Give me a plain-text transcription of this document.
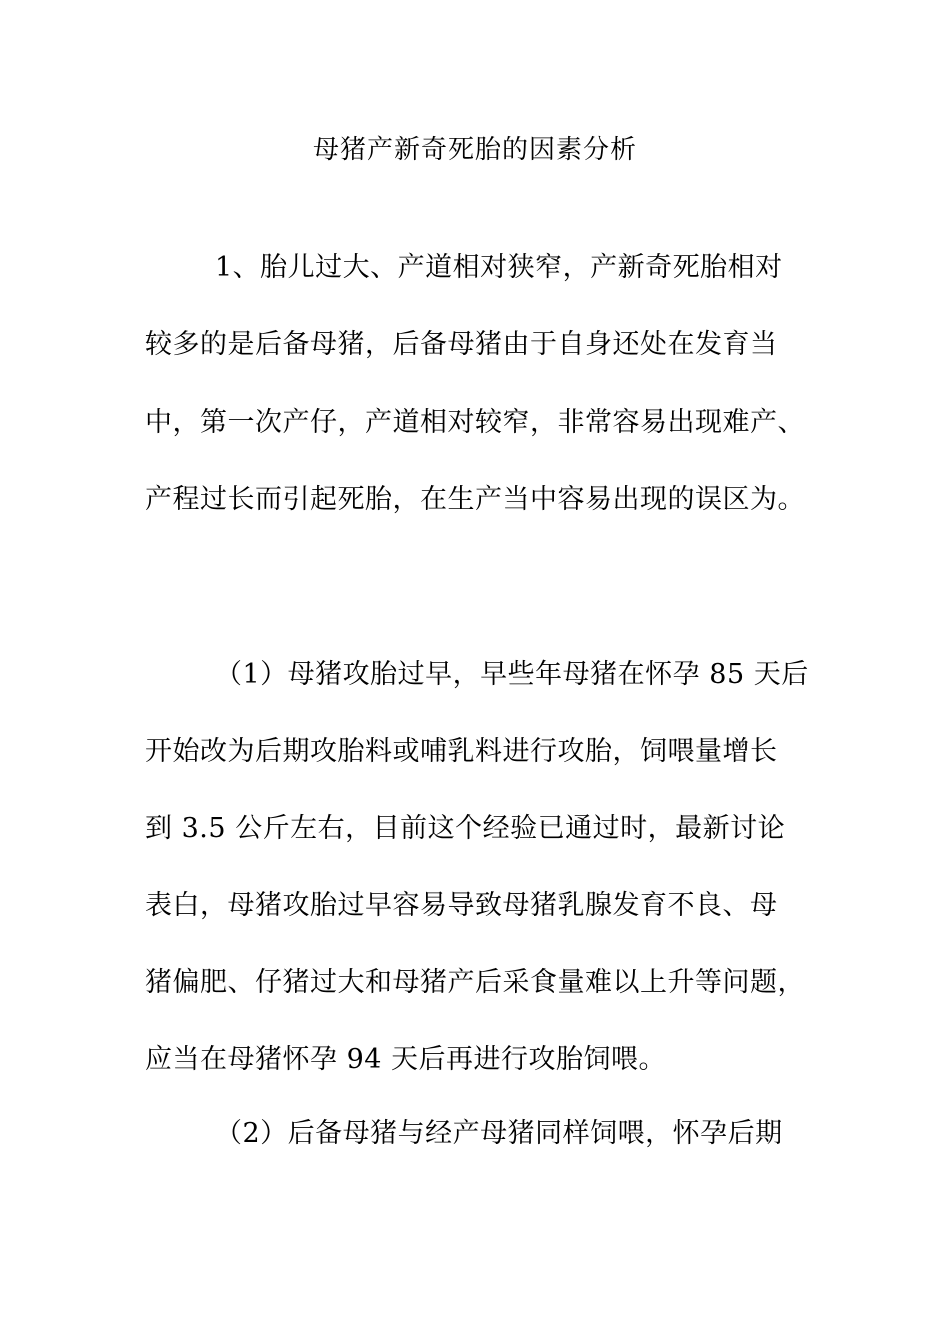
母猪产新奇死胎的因素分析
1、胎儿过大、产道相对狭窄，产新奇死胎相对
较多的是后备母猪，后备母猪由于自身还处在发育当
中，第一次产仔，产道相对较窄，非常容易出现难产、
产程过长而引起死胎，在生产当中容易出现的误区为。
（1）母猪攻胎过早，早些年母猪在怀孕 85 天后
开始改为后期攻胎料或哺乳料进行攻胎，饲喂量增长
到 3.5 公斤左右，目前这个经验已通过时，最新讨论
表白，母猪攻胎过早容易导致母猪乳腺发育不良、母
猪偏肥、仔猪过大和母猪产后采食量难以上升等问题，
应当在母猪怀孕 94 天后再进行攻胎饲喂。
（2）后备母猪与经产母猪同样饲喂，怀孕后期
